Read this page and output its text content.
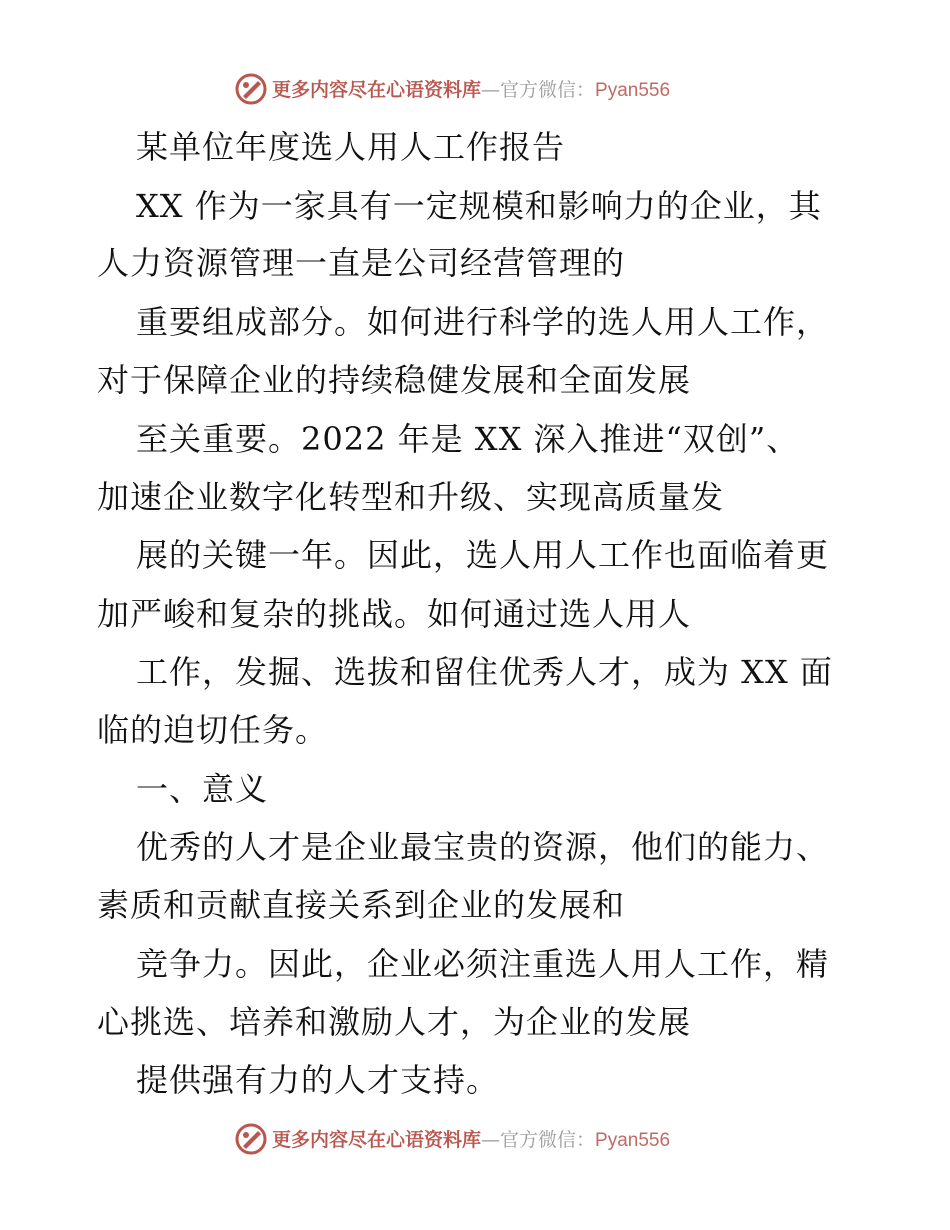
更多内容尽在心语资料库—官方微信：Pyan556
某单位年度选人用人工作报告
XX 作为一家具有一定规模和影响力的企业，其
人力资源管理一直是公司经营管理的
重要组成部分。如何进行科学的选人用人工作，
对于保障企业的持续稳健发展和全面发展
至关重要。2022 年是 XX 深入推进“双创”、
加速企业数字化转型和升级、实现高质量发
展的关键一年。因此，选人用人工作也面临着更
加严峻和复杂的挑战。如何通过选人用人
工作，发掘、选拔和留住优秀人才，成为 XX 面
临的迫切任务。
一、意义
优秀的人才是企业最宝贵的资源，他们的能力、
素质和贡献直接关系到企业的发展和
竞争力。因此，企业必须注重选人用人工作，精
心挑选、培养和激励人才，为企业的发展
提供强有力的人才支持。
更多内容尽在心语资料库—官方微信：Pyan556
